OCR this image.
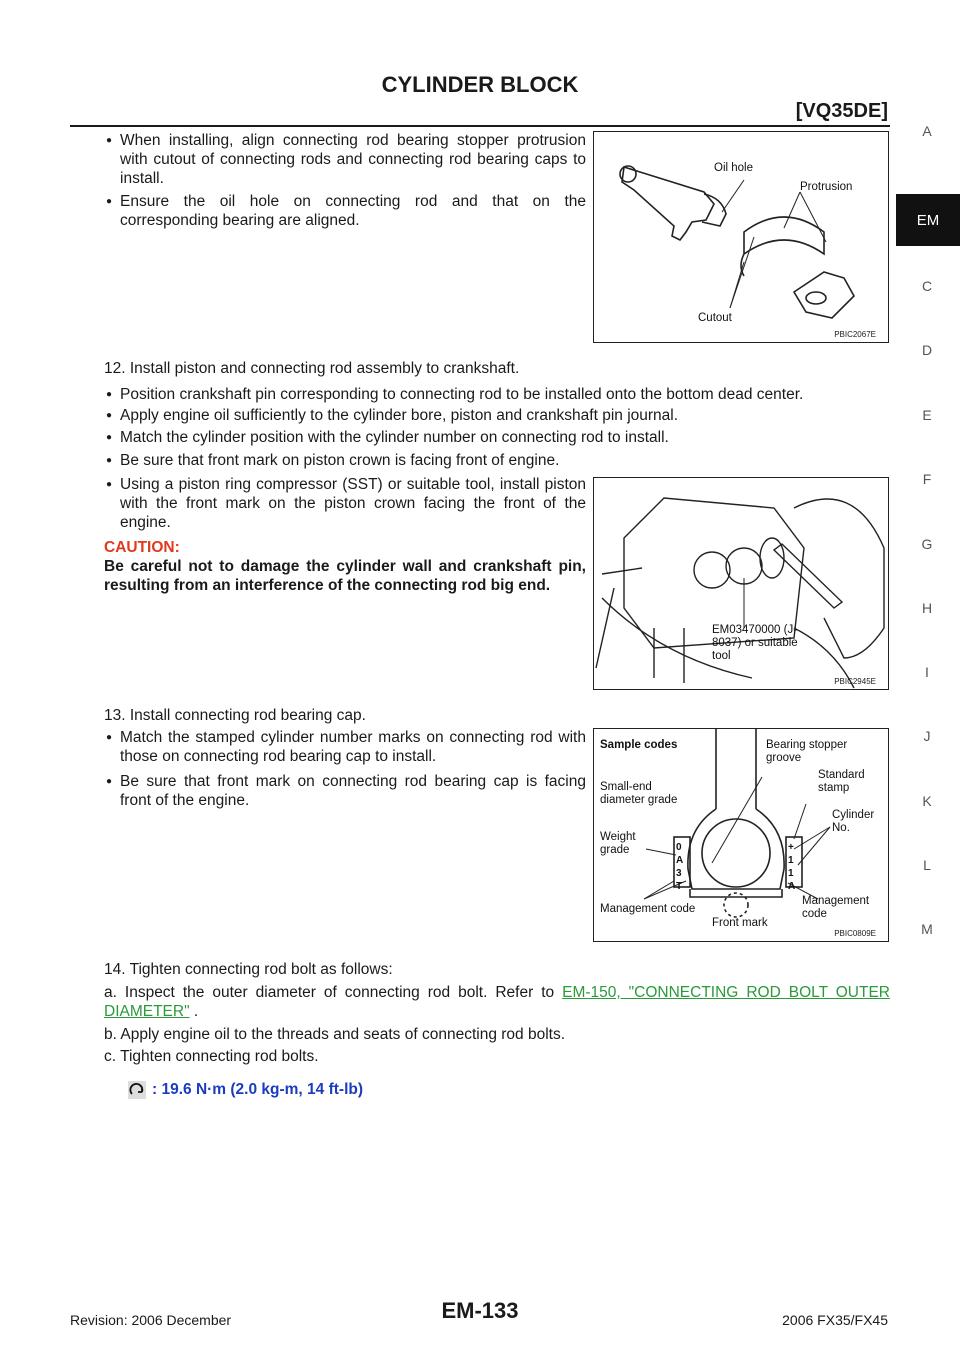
CYLINDER BLOCK
[VQ35DE]
A
EM
C
D
E
F
G
H
I
J
K
L
M
● When installing, align connecting rod bearing stopper protrusion with cutout of connecting rods and connecting rod bearing caps to install.
● Ensure the oil hole on connecting rod and that on the corresponding bearing are aligned.
Oil hole
Protrusion
Cutout
PBIC2067E
12. Install piston and connecting rod assembly to crankshaft.
● Position crankshaft pin corresponding to connecting rod to be installed onto the bottom dead center.
● Apply engine oil sufficiently to the cylinder bore, piston and crankshaft pin journal.
● Match the cylinder position with the cylinder number on connecting rod to install.
● Be sure that front mark on piston crown is facing front of engine.
● Using a piston ring compressor (SST) or suitable tool, install piston with the front mark on the piston crown facing the front of the engine.
CAUTION:
Be careful not to damage the cylinder wall and crankshaft pin, resulting from an interference of the connecting rod big end.
EM03470000 (J-8037) or suitable tool
PBIC2945E
13. Install connecting rod bearing cap.
● Match the stamped cylinder number marks on connecting rod with those on connecting rod bearing cap to install.
● Be sure that front mark on connecting rod bearing cap is facing front of the engine.
Sample codes	Bearing stopper groove
Small-end diameter grade
Standard stamp
Cylinder No.
Weight grade
Management code
Management code
Front mark
0 A 3 T
+ 1 1 A
PBIC0809E
14. Tighten connecting rod bolt as follows:
a. Inspect the outer diameter of connecting rod bolt. Refer to EM-150, "CONNECTING ROD BOLT OUTER DIAMETER" .
b. Apply engine oil to the threads and seats of connecting rod bolts.
c. Tighten connecting rod bolts.
: 19.6 N·m (2.0 kg-m, 14 ft-lb)
EM-133
Revision: 2006 December	2006 FX35/FX45
